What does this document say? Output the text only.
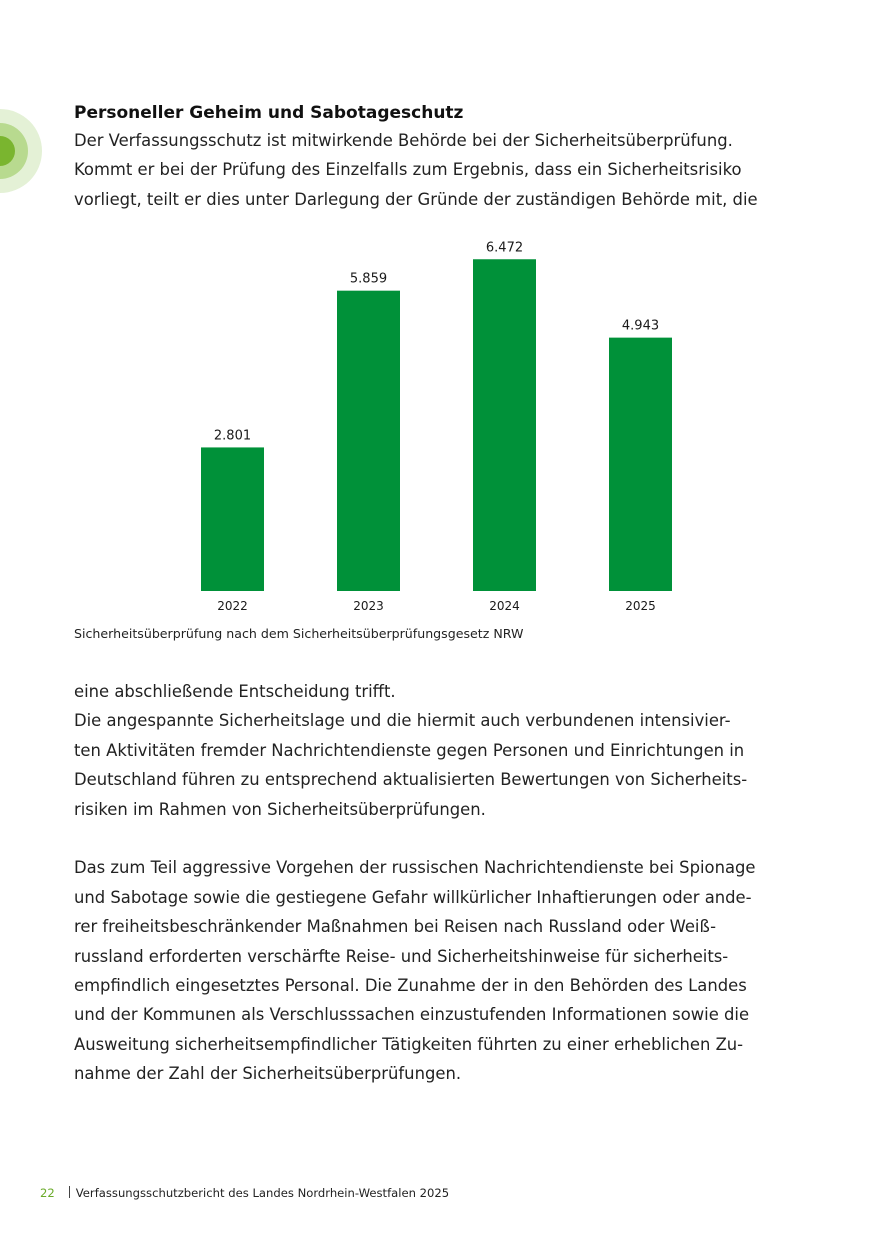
Personeller Geheim und Sabotageschutz

Der Verfassungsschutz ist mitwirkende Behörde bei der Sicherheitsüberprüfung.
Kommt er bei der Prüfung des Einzelfalls zum Ergebnis, dass ein Sicherheitsrisiko
vorliegt, teilt er dies unter Darlegung der Gründe der zuständigen Behörde mit, die

2.801
2022
5.859
2023
6.472
2024
4.943
2025

Sicherheitsüberprüfung nach dem Sicherheitsüberprüfungsgesetz NRW

eine abschließende Entscheidung trifft.
Die angespannte Sicherheitslage und die hiermit auch verbundenen intensivier-
ten Aktivitäten fremder Nachrichtendienste gegen Personen und Einrichtungen in
Deutschland führen zu entsprechend aktualisierten Bewertungen von Sicherheits-
risiken im Rahmen von Sicherheitsüberprüfungen.
Das zum Teil aggressive Vorgehen der russischen Nachrichtendienste bei Spionage
und Sabotage sowie die gestiegene Gefahr willkürlicher Inhaftierungen oder ande-
rer freiheitsbeschränkender Maßnahmen bei Reisen nach Russland oder Weiß-
russland erforderten verschärfte Reise- und Sicherheitshinweise für sicherheits-
empfindlich eingesetztes Personal. Die Zunahme der in den Behörden des Landes
und der Kommunen als Verschlusssachen einzustufenden Informationen sowie die
Ausweitung sicherheitsempfindlicher Tätigkeiten führten zu einer erheblichen Zu-
nahme der Zahl der Sicherheitsüberprüfungen.
22 Verfassungsschutzbericht des Landes Nordrhein-Westfalen 2025
